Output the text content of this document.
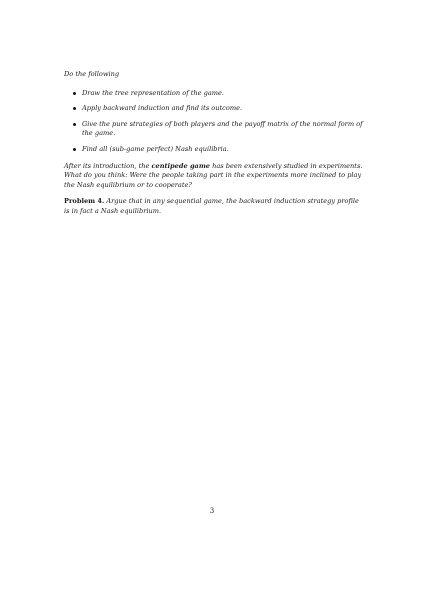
Do the following

Draw the tree representation of the game.
Apply backward induction and find its outcome.
Give the pure strategies of both players and the payoff matrix of the normal form of the game.
Find all (sub-game perfect) Nash equilibria.

After its introduction, the centipede game has been extensively studied in experiments. What do you think: Were the people taking part in the experiments more inclined to play the Nash equilibrium or to cooperate?

Problem 4. Argue that in any sequential game, the backward induction strategy profile is in fact a Nash equilibrium.

3
